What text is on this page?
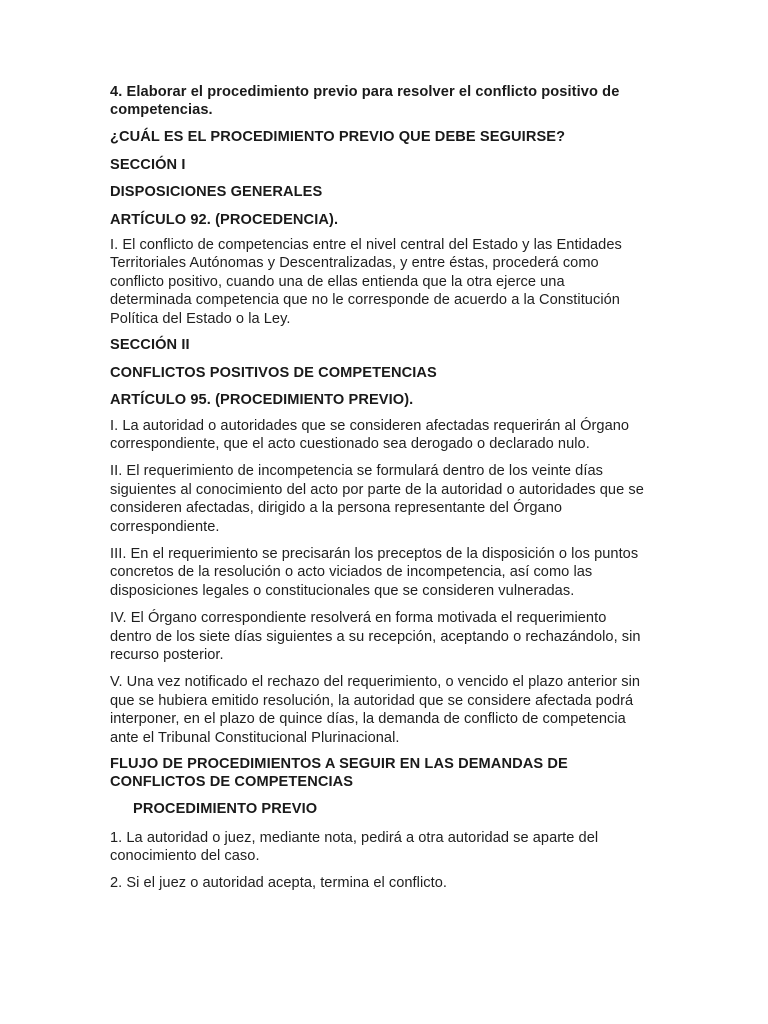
4. Elaborar el procedimiento previo para resolver el conflicto positivo de competencias.

¿CUÁL ES EL PROCEDIMIENTO PREVIO QUE DEBE SEGUIRSE?

SECCIÓN I

DISPOSICIONES GENERALES

ARTÍCULO 92. (PROCEDENCIA).

I. El conflicto de competencias entre el nivel central del Estado y las Entidades Territoriales Autónomas y Descentralizadas, y entre éstas, procederá como conflicto positivo, cuando una de ellas entienda que la otra ejerce una determinada competencia que no le corresponde de acuerdo a la Constitución Política del Estado o la Ley.

SECCIÓN II

CONFLICTOS POSITIVOS DE COMPETENCIAS

ARTÍCULO 95. (PROCEDIMIENTO PREVIO).

I. La autoridad o autoridades que se consideren afectadas requerirán al Órgano correspondiente, que el acto cuestionado sea derogado o declarado nulo.

II. El requerimiento de incompetencia se formulará dentro de los veinte días siguientes al conocimiento del acto por parte de la autoridad o autoridades que se consideren afectadas, dirigido a la persona representante del Órgano correspondiente.

III. En el requerimiento se precisarán los preceptos de la disposición o los puntos concretos de la resolución o acto viciados de incompetencia, así como las disposiciones legales o constitucionales que se consideren vulneradas.

IV. El Órgano correspondiente resolverá en forma motivada el requerimiento dentro de los siete días siguientes a su recepción, aceptando o rechazándolo, sin recurso posterior.

V. Una vez notificado el rechazo del requerimiento, o vencido el plazo anterior sin que se hubiera emitido resolución, la autoridad que se considere afectada podrá interponer, en el plazo de quince días, la demanda de conflicto de competencia ante el Tribunal Constitucional Plurinacional.

FLUJO DE PROCEDIMIENTOS A SEGUIR EN LAS DEMANDAS DE CONFLICTOS DE COMPETENCIAS

PROCEDIMIENTO PREVIO

1. La autoridad o juez, mediante nota, pedirá a otra autoridad se aparte del conocimiento del caso.

2. Si el juez o autoridad acepta, termina el conflicto.
